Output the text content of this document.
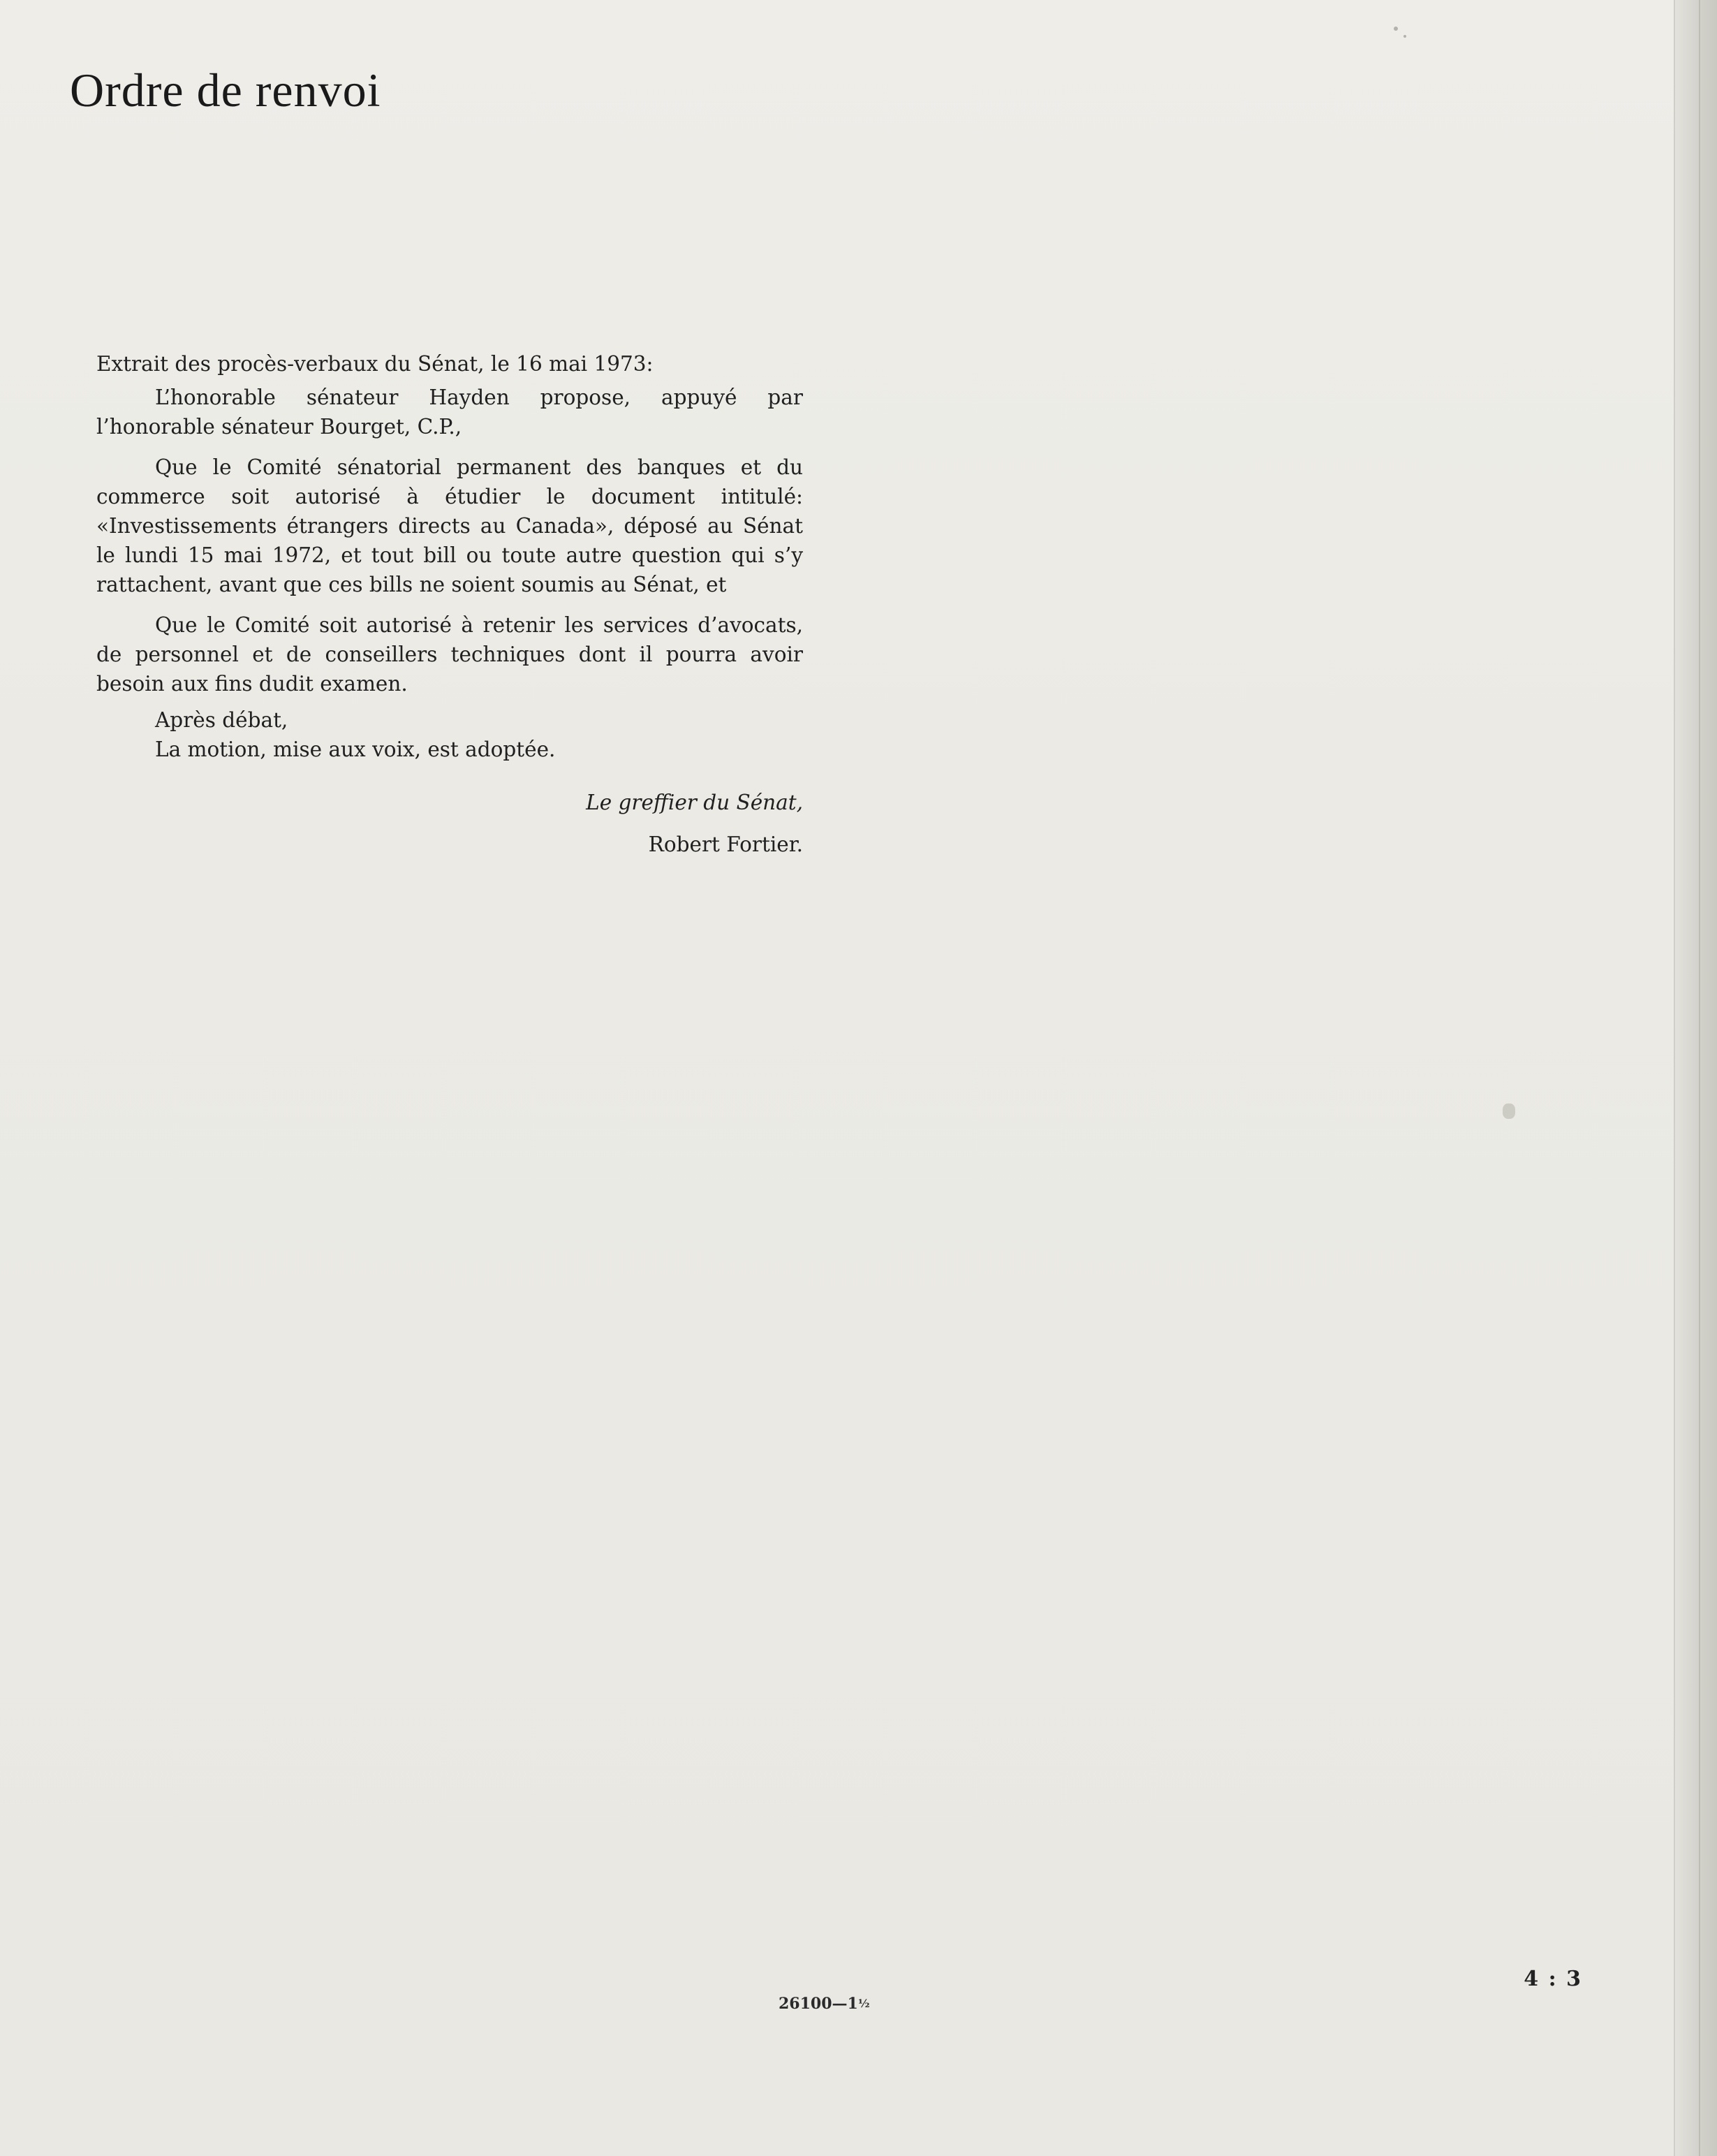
Ordre de renvoi

Extrait des procès-verbaux du Sénat, le 16 mai 1973:

L’honorable sénateur Hayden propose, appuyé par l’honorable sénateur Bourget, C.P.,

Que le Comité sénatorial permanent des banques et du commerce soit autorisé à étudier le document intitulé: «Investissements étrangers directs au Canada», déposé au Sénat le lundi 15 mai 1972, et tout bill ou toute autre question qui s’y rattachent, avant que ces bills ne soient soumis au Sénat, et

Que le Comité soit autorisé à retenir les services d’avocats, de personnel et de conseillers techniques dont il pourra avoir besoin aux fins dudit examen.

Après débat,

La motion, mise aux voix, est adoptée.

Le greffier du Sénat,

Robert Fortier.

4 : 3
26100—1½
